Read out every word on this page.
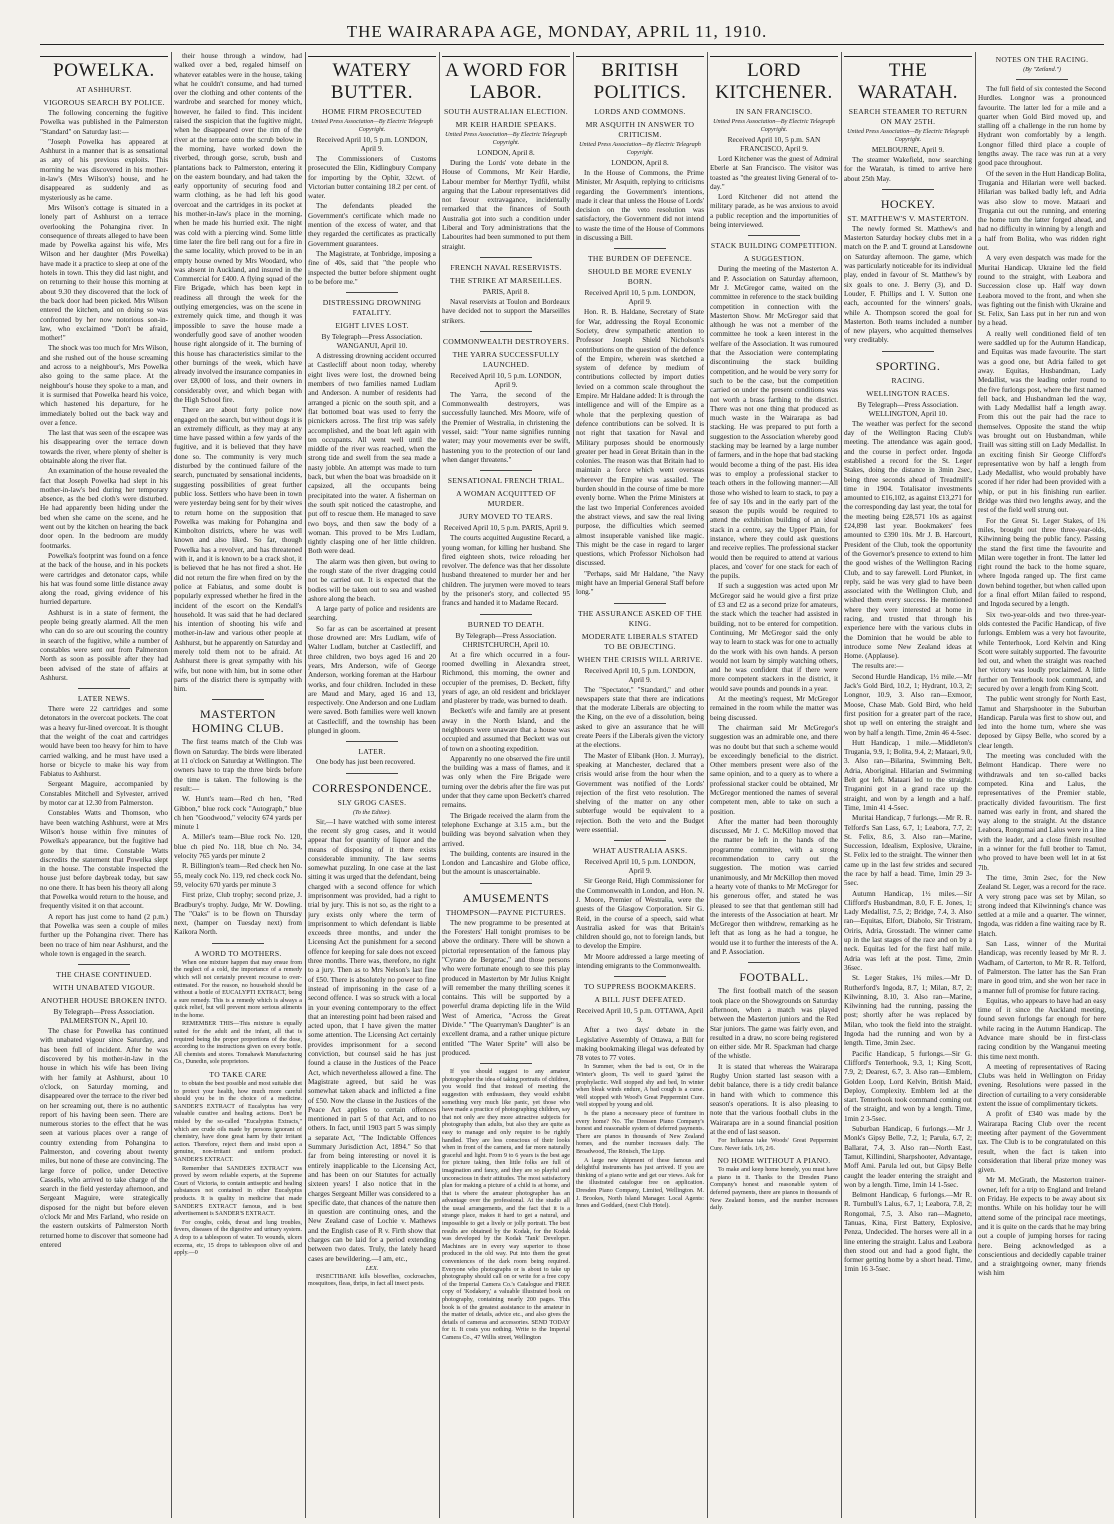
THE WAIRARAPA AGE, MONDAY, APRIL 11, 1910.
POWELKA.
AT ASHHURST.
VIGOROUS SEARCH BY POLICE.

The following concerning the fugitive Powelka was published in the Palmerston "Standard" on Saturday last:—

"Joseph Powelka has appeared at Ashhurst in a manner that is as sensational as any of his previous exploits. This morning he was discovered in his mother-in-law's (Mrs Wilson's) house, and he disappeared as suddenly and as mysteriously as he came.

Mrs Wilson's cottage is situated in a lonely part of Ashhurst on a terrace overlooking the Pohangina river. In consequence of threats alleged to have been made by Powelka against his wife, Mrs Wilson and her daughter (Mrs Powelka) have made it a practice to sleep at one of the hotels in town. This they did last night, and on returning to their house this morning at about 9.30 they discovered that the lock of the back door had been picked. Mrs Wilson entered the kitchen, and on doing so was confronted by her now notorious son-in-law, who exclaimed "Don't be afraid, mother!"

The shock was too much for Mrs Wilson, and she rushed out of the house screaming and across to a neighbour's, Mrs Powelka also going to the same place. At the neighbour's house they spoke to a man, and it is surmised that Powelka heard his voice, which hastened his departure, for he immediately bolted out the back way and over a fence.

The last that was seen of the escapee was his disappearing over the terrace down towards the river, where plenty of shelter is obtainable along the river flat.

An examination of the house revealed the fact that Joseph Powelka had slept in his mother-in-law's bed during her temporary absence, as the bed cloth's were disturbed. He had apparently been hiding under the bed when she came on the scene, and he went out by the kitchen on hearing the back door open. In the bedroom are muddy footmarks.

Powelka's footprint was found on a fence at the back of the house, and in his pockets were cartridges and detonator caps, while his hat was found some little distance away along the road, giving evidence of his hurried departure.

Ashhurst is in a state of ferment, the people being greatly alarmed. All the men who can do so are out scouring the country in search of the fugitive, while a number of constables were sent out from Palmerston North as soon as possible after they had been advised of the state of affairs at Ashhurst.

LATER NEWS.

There were 22 cartridges and some detonators in the overcoat pockets. The coat was a heavy fur-lined overcoat. It is thought that the weight of the coat and cartridges would have been too heavy for him to have carried walking, and he must have used a horse or bicycle to make his way from Fabiatus to Ashhurst.

Sergeant Maguire, accompanied by Constables Mitchell and Sylvester, arrived by motor car at 12.30 from Palmerston.

Constables Watts and Thomson, who have been watching Ashhurst, were at Mrs Wilson's house within five minutes of Powelka's appearance, but the fugitive had gone by that time. Constable Watts discredits the statement that Powelka slept in the house. The constable inspected the house just before daybreak today, but saw no one there. It has been his theory all along that Powelka would return to the house, and frequently visited it on that account.

A report has just come to hand (2 p.m.) that Powelka was seen a couple of miles further up the Pohangina river. There has been no trace of him near Ashhurst, and the whole town is engaged in the search.

THE CHASE CONTINUED.
WITH UNABATED VIGOUR.
ANOTHER HOUSE BROKEN INTO.
By Telegraph—Press Association. PALMERSTON N., April 10.

The chase for Powelka has continued with unabated vigour since Saturday, and has been full of incident. After he was discovered by his mother-in-law in the house in which his wife has been living with her family at Ashhurst, about 10 o'clock, on Saturday morning, and disappeared over the terrace to the river bed on her screaming out, there is no authentic report of his having been seen. There are numerous stories to the effect that he was seen at various places over a range of country extending from Pohangina to Palmerston, and covering about twenty miles, but none of these are convincing. The large force of police, under Detective Cassells, who arrived to take charge of the search in the field yesterday afternoon, and Sergeant Maguire, were strategically disposed for the night but before eleven o'clock Mr and Mrs Farland, who reside on the eastern outskirts of Palmerston North returned home to discover that someone had entered

their house through a window, had walked over a bed, regaled himself on whatever eatables were in the house, taking what he couldn't consume, and had turned over the clothing and other contents of the wardrobe and searched for money which, however, he failed to find. This incident raised the suspicion that the fugitive might, when he disappeared over the rim of the river at the terrace onto the scrub below in the morning, have worked down the riverbed, through gorse, scrub, bush and plantations back to Palmerston, entering it on the eastern boundary, and had taken the early opportunity of securing food and warm clothing, as he had left his good overcoat and the cartridges in its pocket at his mother-in-law's place in the morning, when he made his hurried exit. The night was cold with a piercing wind. Some little time later the fire bell rang out for a fire in the same locality, which proved to be in an empty house owned by Mrs Woodard, who was absent in Auckland, and insured in the Commercial for £400. A flying squad of the Fire Brigade, which has been kept in readiness all through the week for the outlying emergencies, was on the scene in extremely quick time, and though it was impossible to save the house made a wonderfully good save of another wooden house right alongside of it. The burning of this house has characteristics similar to the other burnings of the week, which have already involved the insurance companies in over £8,000 of loss, and their owners in considerably over, and which began with the High School fire.

There are about forty police now engaged on the search, but without dogs it is an extremely difficult, as they may at any time have passed within a few yards of the fugitive, and it is believed that they have done so. The community is very much disturbed by the continued failure of the search, punctuated by sensational incidents, suggesting possibilities of great further public loss. Settlers who have been in town were yesterday being sent for by their wives to return home on the supposition that Powelka was making for Pohangina and Kimbolton districts, where he was well known and also liked. So far, though Powelka has a revolver, and has threatened with it, and it is known to be a crack shot, it is believed that he has not fired a shot. He did not return the fire when fired on by the police at Fabiatus, and some doubt is popularly expressed whether he fired in the incident of the escort on the Kendall's household. It was said that he had declared his intention of shooting his wife and mother-in-law and various other people at Ashhurst, but he apparently on Saturday and merely told them not to be afraid. At Ashhurst there is great sympathy with his wife, but none with him, but in some other parts of the district there is sympathy with him.

MASTERTON HOMING CLUB.

The first teams match of the Club was flown on Saturday. The birds were liberated at 11 o'clock on Saturday at Wellington. The owners have to trap the three birds before the time is taken. The following is the result:—

W. Hunt's team—Red ch hen, "Red Gibbon," blue rock cock "Autograph," blue ch hen "Goodwood," velocity 674 yards per minute 1

A. Miller's team—Blue rock No. 120, blue ch pied No. 118, blue ch No. 34, velocity 765 yards per minute 2

R. Billington's team—Red check hen No. 55, mealy cock No. 119, red check cock No. 59, velocity 670 yards per minute 3

First prize, Club trophy; second prize, J. Bradbury's trophy. Judge, Mr W. Dowling. The "Oaks" is to be flown on Thursday next, (hamper on Tuesday next) from Kaikora North.

A WORD TO MOTHERS.

When one mixture happen that may ensue from the neglect of a cold, the importance of a remedy which will not certainly prevent recourse to over-estimated. For the reason, no household should be without a bottle of EUCALYPTI EXTRACT, being a sure remedy. This is a remedy which is always a quick relief, but will prevent more serious ailments in the home.

REMEMBER THIS—This mixture is equally suited for the adult and the infant, all that is required being the proper proportions of the dose, according to the instructions given on every bottle. All chemists and stores. Tomahawk Manufacturing Co., Dunedin, sole proprietors.

TO TAKE CARE

to obtain the best possible and most suitable diet to protect your health, how much more careful should you be in the choice of a medicine. SANDER'S EXTRACT of Eucalyptus has very valuable curative and healing actions. Don't be misled by the so-called "Eucalyptus Extracts," which are crude oils made by persons ignorant of chemistry, have done great harm by their irritant action. Therefore, reject them and insist upon a genuine, non-irritant and uniform product. SANDER'S EXTRACT.

Remember that SANDER'S EXTRACT was proved by sworn reliable experts, at the Supreme Court of Victoria, to contain antiseptic and healing substances not contained in other Eucalyptus products. It is quality in medicine that made SANDER'S EXTRACT famous, and is best advertisement is SANDER'S EXTRACT.

For coughs, colds, throat and lung troubles, fevers, diseases of the digestive and urinary system. A drop to a tablespoon of water. To wounds, ulcers eczema, etc, 15 drops to tablespoon olive oil and apply.—0

WATERY BUTTER.
HOME FIRM PROSECUTED
United Press Association—By Electric Telegraph Copyright.
Received April 10, 5 p.m. LONDON, April 9.

The Commissioners of Customs prosecuted the Elin, Kidlingbury Company for importing by the Ophir, 32cwt. of Victorian butter containing 18.2 per cent. of water.

The defendants pleaded the Government's certificate which made no mention of the excess of water, and that they regarded the certificates as practically Government guarantees.

The Magistrate, at Tonbridge, imposing a fine of 40s, said that "the people who inspected the butter before shipment ought to be before me."

DISTRESSING DROWNING FATALITY.
EIGHT LIVES LOST.
By Telegraph—Press Association. WANGANUI, April 10.

A distressing drowning accident occurred at Castlecliff about noon today, whereby eight lives were lost, the drowned being members of two families named Ludlam and Anderson. A number of residents had arranged a picnic on the south spit, and a flat bottomed boat was used to ferry the picnickers across. The first trip was safely accomplished, and the boat left again with ten occupants. All went well until the middle of the river was reached, when the strong tide and swell from the sea made a nasty jobble. An attempt was made to turn back, but when the boat was broadside on it capsized, all the occupants being precipitated into the water. A fisherman on the south spit noticed the catastrophe, and put off to rescue them. He managed to save two boys, and then saw the body of a woman. This proved to be Mrs Ludlam, tightly clasping one of her little children. Both were dead.

The alarm was then given, but owing to the rough state of the river dragging could not be carried out. It is expected that the bodies will be taken out to sea and washed ashore along the beach.

A large party of police and residents are searching.

So far as can be ascertained at present those drowned are: Mrs Ludlam, wife of Walter Ludlam, butcher at Castlecliff, and three children, two boys aged 16 and 20 years, Mrs Anderson, wife of George Anderson, working foreman at the Harbour works, and four children. Included in these are Maud and Mary, aged 16 and 13, respectively. One Anderson and one Ludlam were saved. Both families were well known at Castlecliff, and the township has been plunged in gloom.

LATER.

One body has just been recovered.

CORRESPONDENCE.
SLY GROG CASES.
(To the Editor).

Sir,—I have watched with some interest the recent sly grog cases, and it would appear that for quantity of liquor and the means of disposing of it there exists considerable immunity. The law seems somewhat puzzling. In one case at the last sitting it was urged that the defendant, being charged with a second offence for which imprisonment was provided, had a right to trial by jury. This is not so, as the right to a jury exists only where the term of imprisonment to which defendant is liable exceeds three months, and under the Licensing Act the punishment for a second offence for keeping for sale does not exceed three months. There was, therefore, no right to a jury. Then as to Mrs Nelson's last fine of £50. There is absolutely no power to fine instead of imprisoning in the case of a second offence. I was so struck with a local in your evening contemporary to the effect that an interesting point had been raised and acted upon, that I have given the matter some attention. The Licensing Act certainly provides imprisonment for a second conviction, but counsel said he has just found a clause in the Justices of the Peace Act, which nevertheless allowed a fine. The Magistrate agreed, but said he was somewhat taken aback and inflicted a fine of £50. Now the clause in the Justices of the Peace Act applies to certain offences mentioned in part 5 of that Act, and to no others. In fact, until 1903 part 5 was simply a separate Act, "The Indictable Offences Summary Jurisdiction Act, 1894." So that far from being interesting or novel it is entirely inapplicable to the Licensing Act, and has been on our Statutes for actually sixteen years! I also notice that in the charges Sergeant Miller was considered to a specific date, that chances of the nature then in question are continuing ones, and the New Zealand case of Lochie v. Mathews and the English case of R v. Firth show that charges can be laid for a period extending between two dates. Truly, the lately heard cases are bewildering.—I am, etc.,

LEX.

INSECTIBANE kills bloweflies, cockroaches, mosquitoes, fleas, thrips, in fact all insect pests.

A WORD FOR LABOR.
SOUTH AUSTRALIAN ELECTION.
MR KEIR HARDIE SPEAKS.
United Press Association—By Electric Telegraph Copyright.
LONDON, April 8.

During the Lords' vote debate in the House of Commons, Mr Keir Hardie, Labour member for Merthyr Tydfil, whilst arguing that the Labour representatives did not favour extravagance, incidentally remarked that the finances of South Australia got into such a condition under Liberal and Tory administrations that the Labourites had been summoned to put them straight.

FRENCH NAVAL RESERVISTS.
THE STRIKE AT MARSEILLES.
PARIS, April 8.

Naval reservists at Toulon and Bordeaux have decided not to support the Marseilles strikers.

COMMONWEALTH DESTROYERS.
THE YARRA SUCCESSFULLY LAUNCHED.
Received April 10, 5 p.m. LONDON, April 9.

The Yarra, the second of the Commonwealth destroyers, was successfully launched. Mrs Moore, wife of the Premier of Westralia, in christening the vessel, said: "Your name signifies running water; may your movements ever be swift, hastening you to the protection of our land when danger threatens."

SENSATIONAL FRENCH TRIAL.
A WOMAN ACQUITTED OF MURDER.
JURY MOVED TO TEARS.
Received April 10, 5 p.m. PARIS, April 9.

The courts acquitted Augustine Recard, a young woman, for killing her husband. She fired eighteen shots, twice reloading her revolver. The defence was that her dissolute husband threatened to murder her and her children. The jurymen were moved to tears by the prisoner's story, and collected 95 francs and handed it to Madame Recard.

BURNED TO DEATH.
By Telegraph—Press Association. CHRISTCHURCH, April 10.

At a fire which occurred in a four-roomed dwelling in Alexandra street, Richmond, this morning, the owner and occupier of the premises, D. Beckett, fifty years of age, an old resident and bricklayer and plasterer by trade, was burned to death.

Beckett's wife and family are at present away in the North Island, and the neighbours were unaware that a house was occupied and assumed that Beckett was out of town on a shooting expedition.

Apparently no one observed the fire until the building was a mass of flames, and it was only when the Fire Brigade were turning over the debris after the fire was put under that they came upon Beckett's charred remains.

The Brigade received the alarm from the telephone Exchange at 3.15 a.m., but the building was beyond salvation when they arrived.

The building, contents are insured in the London and Lancashire and Globe office, but the amount is unascertainable.

AMUSEMENTS
THOMPSON—PAYNE PICTURES.

The new programme to be presented at the Foresters' Hall tonight promises to be above the ordinary. There will be shown a pictorial representation of the famous play "Cyrano de Bergerac," and those persons who were fortunate enough to see this play produced in Masterton by Mr Julius Knight will remember the many thrilling scenes it contains. This will be supported by a powerful drama depicting life in the Wild West of America, "Across the Great Divide." "The Quarryman's Daughter" is an excellent drama, and a rather unique picture entitled "The Water Sprite" will also be produced.

If you should suggest to any amateur photographer the idea of taking portraits of children, you would find that instead of meeting the suggestion with enthusiasm, they would exhibit something very much like panic, yet those who have made a practice of photographing children, say that not only are they more attractive subjects for photography than adults, but also they are quite as easy to manage and only require to be rightly handled. They are less conscious of their looks when in front of the camera, and far more naturally graceful and light. From 9 to 6 years is the best age for picture taking, then little folks are full of imagination and fancy, and they are so playful and unconscious in their attitudes. The most satisfactory plan for making a picture of a child is at home, and that is where the amateur photographer has an advantage over the professional. At the studio all the usual arrangements, and the fact that it is a strange place, makes it hard to get a natural, and impossible to get a lively or jolly portrait. The best results are obtained by the Kodak, for the Kodak was developed by the Kodak 'Tank' Developer. Machines are in every way superior to those produced in the old way. Put into them the great conveniences of the dark room being required. Everyone who photographs or is about to take up photography should call on or write for a free copy of the Imperial Camera Co.'s Catalogue and FREE copy of 'Kodakery,' a valuable illustrated book on photography, containing nearly 200 pages. This book is of the greatest assistance to the amateur in the matter of details, advice etc., and also gives the details of cameras and accessories. SEND TODAY for it. It costs you nothing. Write to the Imperial Camera Co., 47 Willis street, Wellington

BRITISH POLITICS.
LORDS AND COMMONS.
MR ASQUITH IN ANSWER TO CRITICISM.
United Press Association—By Electric Telegraph Copyright.
LONDON, April 8.

In the House of Commons, the Prime Minister, Mr Asquith, replying to criticisms regarding the Government's intentions, made it clear that unless the House of Lords' decision on the veto resolution was satisfactory, the Government did not intend to waste the time of the House of Commons in discussing a Bill.

THE BURDEN OF DEFENCE.
SHOULD BE MORE EVENLY BORN.
Received April 10, 5 p.m. LONDON, April 9.

Hon. R. B. Haldane, Secretary of State for War, addressing the Royal Economic Society, drew sympathetic attention to Professor Joseph Shield Nicholson's contributions on the question of the defence of the Empire, wherein was sketched a system of defence by medium of contributions collected by import duties levied on a common scale throughout the Empire. Mr Haldane added: It is through the intelligence and will of the Empire as a whole that the perplexing question of defence contributions can be solved. It is not right that taxation for Naval and Military purposes should be enormously greater per head in Great Britain than in the colonies. The reason was that Britain had to maintain a force which went overseas wherever the Empire was assailed. The burden should in the course of time be more evenly borne. When the Prime Ministers at the last two Imperial Conferences avoided the abstract views, and saw the real living purpose, the difficulties which seemed almost insuperable vanished like magic. This might be the case in regard to larger questions, which Professor Nicholson had discussed.

"Perhaps, said Mr Haldane, "the Navy might have an Imperial General Staff before long."

THE ASSURANCE ASKED OF THE KING.
MODERATE LIBERALS STATED TO BE OBJECTING.
WHEN THE CRISIS WILL ARRIVE.
Received April 10, 5 p.m. LONDON, April 9.

The "Spectator," "Standard," and other newspapers state that there are indications that the moderate Liberals are objecting to the King, on the eve of a dissolution, being asked to give an assurance that he will create Peers if the Liberals given the victory at the elections.

The Master of Elibank (Hon. J. Murray), speaking at Manchester, declared that a crisis would arise from the hour when the Government was notified of the Lords' rejection of the first veto resolution. The shelving of the matter on any other subterfuge would be equivalent to a rejection. Both the veto and the Budget were essential.

WHAT AUSTRALIA ASKS.
Received April 10, 5 p.m. LONDON, April 9.

Sir George Reid, High Commissioner for the Commonwealth in London, and Hon. N. J. Moore, Premier of Westralia, were the guests of the Glasgow Corporation. Sir G. Reid, in the course of a speech, said what Australia asked for was that Britain's children should go, not to foreign lands, but to develop the Empire.

Mr Moore addressed a large meeting of intending emigrants to the Commonwealth.

TO SUPPRESS BOOKMAKERS.
A BILL JUST DEFEATED.
Received April 10, 5 p.m. OTTAWA, April 9.

After a two days' debate in the Legislative Assembly of Ottawa, a Bill for making bookmaking illegal was defeated by 78 votes to 77 votes.

In Summer, when the bad is out, Or in the Winter's gloom, Tis well to guard 'gainst the prophylactic. Well stopped shy and bed, In winter when bleak winds endure, A bad cough is a curse. Well stopped with Wood's Great Peppermint Cure. Well stopped by young and old.

Is the piano a necessary piece of furniture in every home? No. The Dressen Piano Company's honest and reasonable system of deferred payments. There are pianos in thousands of New Zealand homes, and the number increases daily. The Broadwood, The Rönisch, The Lipp.

A large new shipment of these famous and delightful instruments has just arrived. If you are thinking of a piano write and get our views. Ask for the illustrated catalogue free on application. Dresden Piano Company, Limited, Wellington. M. J. Brookes, North Island Manager. Local Agents: Innes and Goddard, (next Club Hotel).

LORD KITCHENER.
IN SAN FRANCISCO.
United Press Association—By Electric Telegraph Copyright.
Received April 10, 5 p.m. SAN FRANCISCO, April 9.

Lord Kitchener was the guest of Admiral Eberle at San Francisco. The visitor was toasted as "the greatest living General of to-day."

Lord Kitchener did not attend the military parade, as he was anxious to avoid a public reception and the importunities of being interviewed.

STACK BUILDING COMPETITION.
A SUGGESTION.

During the meeting of the Masterton A. and P. Association on Saturday afternoon, Mr J. McGregor came, waited on the committee in reference to the stack building competition in connection with the Masterton Show. Mr McGregor said that although he was not a member of the committee he took a keen interest in the welfare of the Association. It was rumoured that the Association were contemplating discontinuing the stack building competition, and he would be very sorry for such to be the case, but the competition carried on under the present conditions was not worth a brass farthing to the district. There was not one thing that produced as much waste in the Wairarapa as bad stacking. He was prepared to put forth a suggestion to the Association whereby good stacking may be learned by a large number of farmers, and in the hope that bad stacking would become a thing of the past. His idea was to employ a professional stacker to teach others in the following manner:—All those who wished to learn to stack, to pay a fee of say 10s and in the early part of the season the pupils would be required to attend the exhibition building of an ideal stack in a centre, say the Upper Plain, for instance, where they could ask questions and receive replies. The professional stacker would then be required to attend at various places, and 'cover' for one stack for each of the pupils.

If such a suggestion was acted upon Mr McGregor said he would give a first prize of £3 and £2 as a second prize for amateurs, the stack which the teacher had assisted in building, not to be entered for competition. Continuing, Mr McGregor said the only way to learn to stack was for one to actually do the work with his own hands. A person would not learn by simply watching others, and he was confident that if there were more competent stackers in the district, it would save pounds and pounds in a year.

At the meeting's request, Mr McGregor remained in the room while the matter was being discussed.

The chairman said Mr McGregor's suggestion was an admirable one, and there was no doubt but that such a scheme would be exceedingly beneficial to the district. Other members present were also of the same opinion, and to a query as to where a professional stacker could be obtained, Mr McGregor mentioned the names of several competent men, able to take on such a position.

After the matter had been thoroughly discussed, Mr J. C. McKillop moved that the matter be left in the hands of the programme committee, with a strong recommendation to carry out the suggestion. The motion was carried unanimously, and Mr McKillop then moved a hearty vote of thanks to Mr McGregor for his generous offer, and stated he was pleased to see that that gentleman still had the interests of the Association at heart. Mr McGregor then withdrew, remarking as he left that as long as he had a tongue, he would use it to further the interests of the A. and P. Association.

FOOTBALL.

The first football match of the season took place on the Showgrounds on Saturday afternoon, when a match was played between the Masterton juniors and the Red Star juniors. The game was fairly even, and resulted in a draw, no score being registered on either side. Mr R. Spackman had charge of the whistle.

It is stated that whereas the Wairarapa Rugby Union started last season with a debit balance, there is a tidy credit balance in hand with which to commence this season's operations. It is also pleasing to note that the various football clubs in the Wairarapa are in a sound financial position at the end of last season.

For Influenza take Woods' Great Peppermint Cure. Never fails. 1/6, 2/6.

NO HOME WITHOUT A PIANO.

To make and keep home homely, you must have a piano in it. Thanks to the Dresden Piano Company's honest and reasonable system of deferred payments, there are pianos in thousands of New Zealand homes, and the number increases daily.

THE WARATAH.
SEARCH STEAMER TO RETURN ON MAY 25TH.
United Press Association—By Electric Telegraph Copyright.
MELBOURNE, April 9.

The steamer Wakefield, now searching for the Waratah, is timed to arrive here about 25th May.

HOCKEY.
ST. MATTHEW'S V. MASTERTON.

The newly formed St. Matthew's and Masterton Saturday hockey clubs met in a match on the P. and T. ground at Lansdowne on Saturday afternoon. The game, which was particularly noticeable for its individual play, ended in favour of St. Matthew's by six goals to one. J. Berry (3), and D. Louder, F. Phillips and I. V. Sutton one each, accounted for the winners' goals, while A. Thompson scored the goal for Masterton. Both teams included a number of new players, who acquitted themselves very creditably.

SPORTING.
RACING.
WELLINGTON RACES.
By Telegraph—Press Association. WELLINGTON, April 10.

The weather was perfect for the second day of the Wellington Racing Club's meeting. The attendance was again good, and the course in perfect order. Ingoda established a record for the St. Leger Stakes, doing the distance in 3min 2sec, being three seconds ahead of Treadmill's time in 1904. Totalisator investments amounted to £16,102, as against £13,271 for the corresponding day last year, the total for the meeting being £28,571 10s as against £24,898 last year. Bookmakers' fees amounted to £390 10s. Mr J. B. Harcourt, President of the Club, took the opportunity of the Governor's presence to extend to him the good wishes of the Wellington Racing Club, and to say farewell. Lord Plunket, in reply, said he was very glad to have been associated with the Wellington Club, and wished them every success. He mentioned where they were interested at home in racing, and trusted that through his experience here with the various clubs in the Dominion that he would be able to introduce some New Zealand ideas at Home. (Applause).

The results are:—

Second Hurdle Handicap, 1½ mile.—Mr Jack's Gold Bird, 10.2, 1; Hydrant, 10.3, 2; Longnor, 10.9, 3. Also ran—Exmoor, Moose, Chase Mab. Gold Bird, who held first position for a greater part of the race, shot up well on entering the straight and won by half a length. Time, 2min 46 4-5sec.

Hutt Handicap, 1 mile.—Middleton's Trugania, 9.9, 1; Bolita, 9.4, 2; Mataari, 9.0, 3. Also ran—Bilarina, Swimming Belt, Adria, Aboriginal. Hilarian and Swimming Belt got left. Mataari led to the straight. Truganini got in a grand race up the straight, and won by a length and a half. Time, 1min 41 4-5sec.

Muritai Handicap, 7 furlongs.—Mr R. R. Telford's San Lass, 6.7, 1; Leabora, 7.7, 2; St. Felix, 8.6, 3. Also ran—Marine, Succession, Idealism, Explosive, Ukraine, St. Felix led to the straight. The winner then came up in the last few strides and secured the race by half a head. Time, 1min 29 3-5sec.

Autumn Handicap, 1½ miles.—Sir Clifford's Husbandman, 8.0, F. E. Jones, 1; Lady Medallist, 7.5, 2; Bridge, 7.4, 3. Also ran—Equitas, Elfort, Diabolo, Sir Tristram, Oriris, Adria, Grosstadt. The winner came up in the last stages of the race and on by a neck. Equitas led for the first half mile. Adria was left at the post. Time, 2min 36sec.

St. Leger Stakes, 1¾ miles.—Mr D. Rutherford's Ingoda, 8.7, 1; Milan, 8.7, 2; Kilwinning, 8.10, 3. Also ran—Marine, Kilwinning had the running, passing the post; shortly after he was replaced by Milan, who took the field into the straight. Ingoda had the running and won by a length. Time, 3min 2sec.

Pacific Handicap, 5 furlongs.—Sir G. Clifford's Tenterhook, 9.3, 1; King Scott, 7.9, 2; Dearest, 6.7, 3. Also ran—Emblem, Golden Loop, Lord Kelvin, British Maid, Deploy, Complexity. Emblem led at the start. Tenterhook took command coming out of the straight, and won by a length. Time, 1min 2 3-5sec.

Suburban Handicap, 6 furlongs.—Mr J. Monk's Gipsy Belle, 7.2, 1; Parula, 6.7, 2; Ballarat, 7.4, 3. Also ran—North East, Tamut, Killindini, Sharpshooter, Advantage, Moff Ami. Parula led out, but Gipsy Belle caught the leader entering the straight and won by a length. Time, 1min 14 1-5sec.

Belmont Handicap, 6 furlongs.—Mr R. R. Turnbull's Lalus, 6.7, 1; Leabora, 7.8, 2; Rongomai, 7.5, 3. Also ran—Magneto, Tanuas, Kina, First Battery, Explosive, Penza, Undecided. The horses were all in a line entering the straight. Lalus and Leabora then stood out and had a good fight, the former getting home by a short head. Time, 1min 16 3-5sec.

NOTES ON THE RACING.
(By "Zetland.")

The full field of six contested the Second Hurdles. Longnor was a pronounced favourite. The latter led for a mile and a quarter when Gold Bird moved up, and stalling off a challenge in the run home by Hydrant won comfortably by a length. Longnor filled third place a couple of lengths away. The race was run at a very good pace throughout.

Of the seven in the Hutt Handicap Bolita, Trugania and Hilarian were well backed. Hilarian was balked badly left, and Adria was also slow to move. Mataari and Trugania cut out the running, and entering the home turn the latter forged ahead, and had no difficulty in winning by a length and a half from Bolita, who was ridden right out.

A very even despatch was made for the Muritai Handicap. Ukraine led the field round to the straight, with Leabora and Succession close up. Half way down Leabora moved to the front, and when she was fighting out the finish with Ukraine and St. Felix, San Lass put in her run and won by a head.

A really well conditioned field of ten were saddled up for the Autumn Handicap, and Equitas was made favourite. The start was a good one, but Adria failed to get away. Equitas, Husbandman, Lady Medallist, was the leading order round to the five furlongs post, where the first named fell back, and Husbandman led the way, with Lady Medallist half a length away. From this out the pair had the race to themselves. Opposite the stand the whip was brought out on Husbandman, while Traill was sitting still on Lady Medallist. In an exciting finish Sir George Clifford's representative won by half a length from Lady Medallist, who would probably have scored if her rider had been provided with a whip, or put in his finishing run earlier. Bridge was third two lengths away, and the rest of the field well strung out.

For the Great St. Leger Stakes, of 1¾ miles, brought out three three-year-olds, Kilwinning being the public fancy. Passing the stand the first time the favourite and Milan were together in front. The latter led right round the back to the home square, where Ingoda ranged up. The first came down behind together, but when called upon for a final effort Milan failed to respond, and Ingoda secured by a length.

Six two-year-olds and two three-year-olds contested the Pacific Handicap, of five furlongs. Emblem was a very hot favourite, while Tenterhook, Lord Kelvin and King Scott were suitably supported. The favourite led out, and when the straight was reached her victory was loudly proclaimed. A little further on Tenterhook took command, and secured by over a length from King Scott.

The public went strongly for North East, Tamut and Sharpshooter in the Suburban Handicap. Parula was first to show out, and led into the home turn, where she was deposed by Gipsy Belle, who scored by a clear length.

The meeting was concluded with the Belmont Handicap. There were no withdrawals and ten so-called backs competed. Kina and Lalus, the representatives of the Premier stable, practically divided favouritism. The first named was early in front, and shared the way along to the straight. At the distance Leabora, Rongomai and Lalus were in a line with the leader, and a close finish resulted in a winner for the full brother to Tamut, who proved to have been well let in at 6st 7lb.

The time, 3min 2sec, for the New Zealand St. Leger, was a record for the race. A very strong pace was set by Milan, so strong indeed that Kilwinning's chance was settled at a mile and a quarter. The winner, Ingoda, was ridden a fine waiting race by R. Hatch.

San Lass, winner of the Muritai Handicap, was recently leased by Mr R. J. Wadham, of Carterton, to Mr R. R. Telford, of Palmerston. The latter has the San Fran mare in good trim, and she won her race in a manner full of promise for future racing.

Equitas, who appears to have had an easy time of it since the Auckland meeting, found seven furlongs far enough for here while racing in the Autumn Handicap. The Advance mare should be in first-class racing condition by the Wanganui meeting this time next month.

A meeting of representatives of Racing Clubs was held in Wellington on Friday evening. Resolutions were passed in the direction of curtailing to a very considerable extent the issue of complimentary tickets.

A profit of £340 was made by the Wairarapa Racing Club over the recent meeting after payment of the Government tax. The Club is to be congratulated on this result, when the fact is taken into consideration that liberal prize money was given.

Mr M. McGrath, the Masterton trainer-owner, left for a trip to England and Ireland on Friday. He expects to be away about six months. While on his holiday tour he will attend some of the principal race meetings, and it is quite on the cards that he may bring out a couple of jumping horses for racing here. Being acknowledged as a conscientious and decidedly capable trainer and a straightgoing owner, many friends wish him
